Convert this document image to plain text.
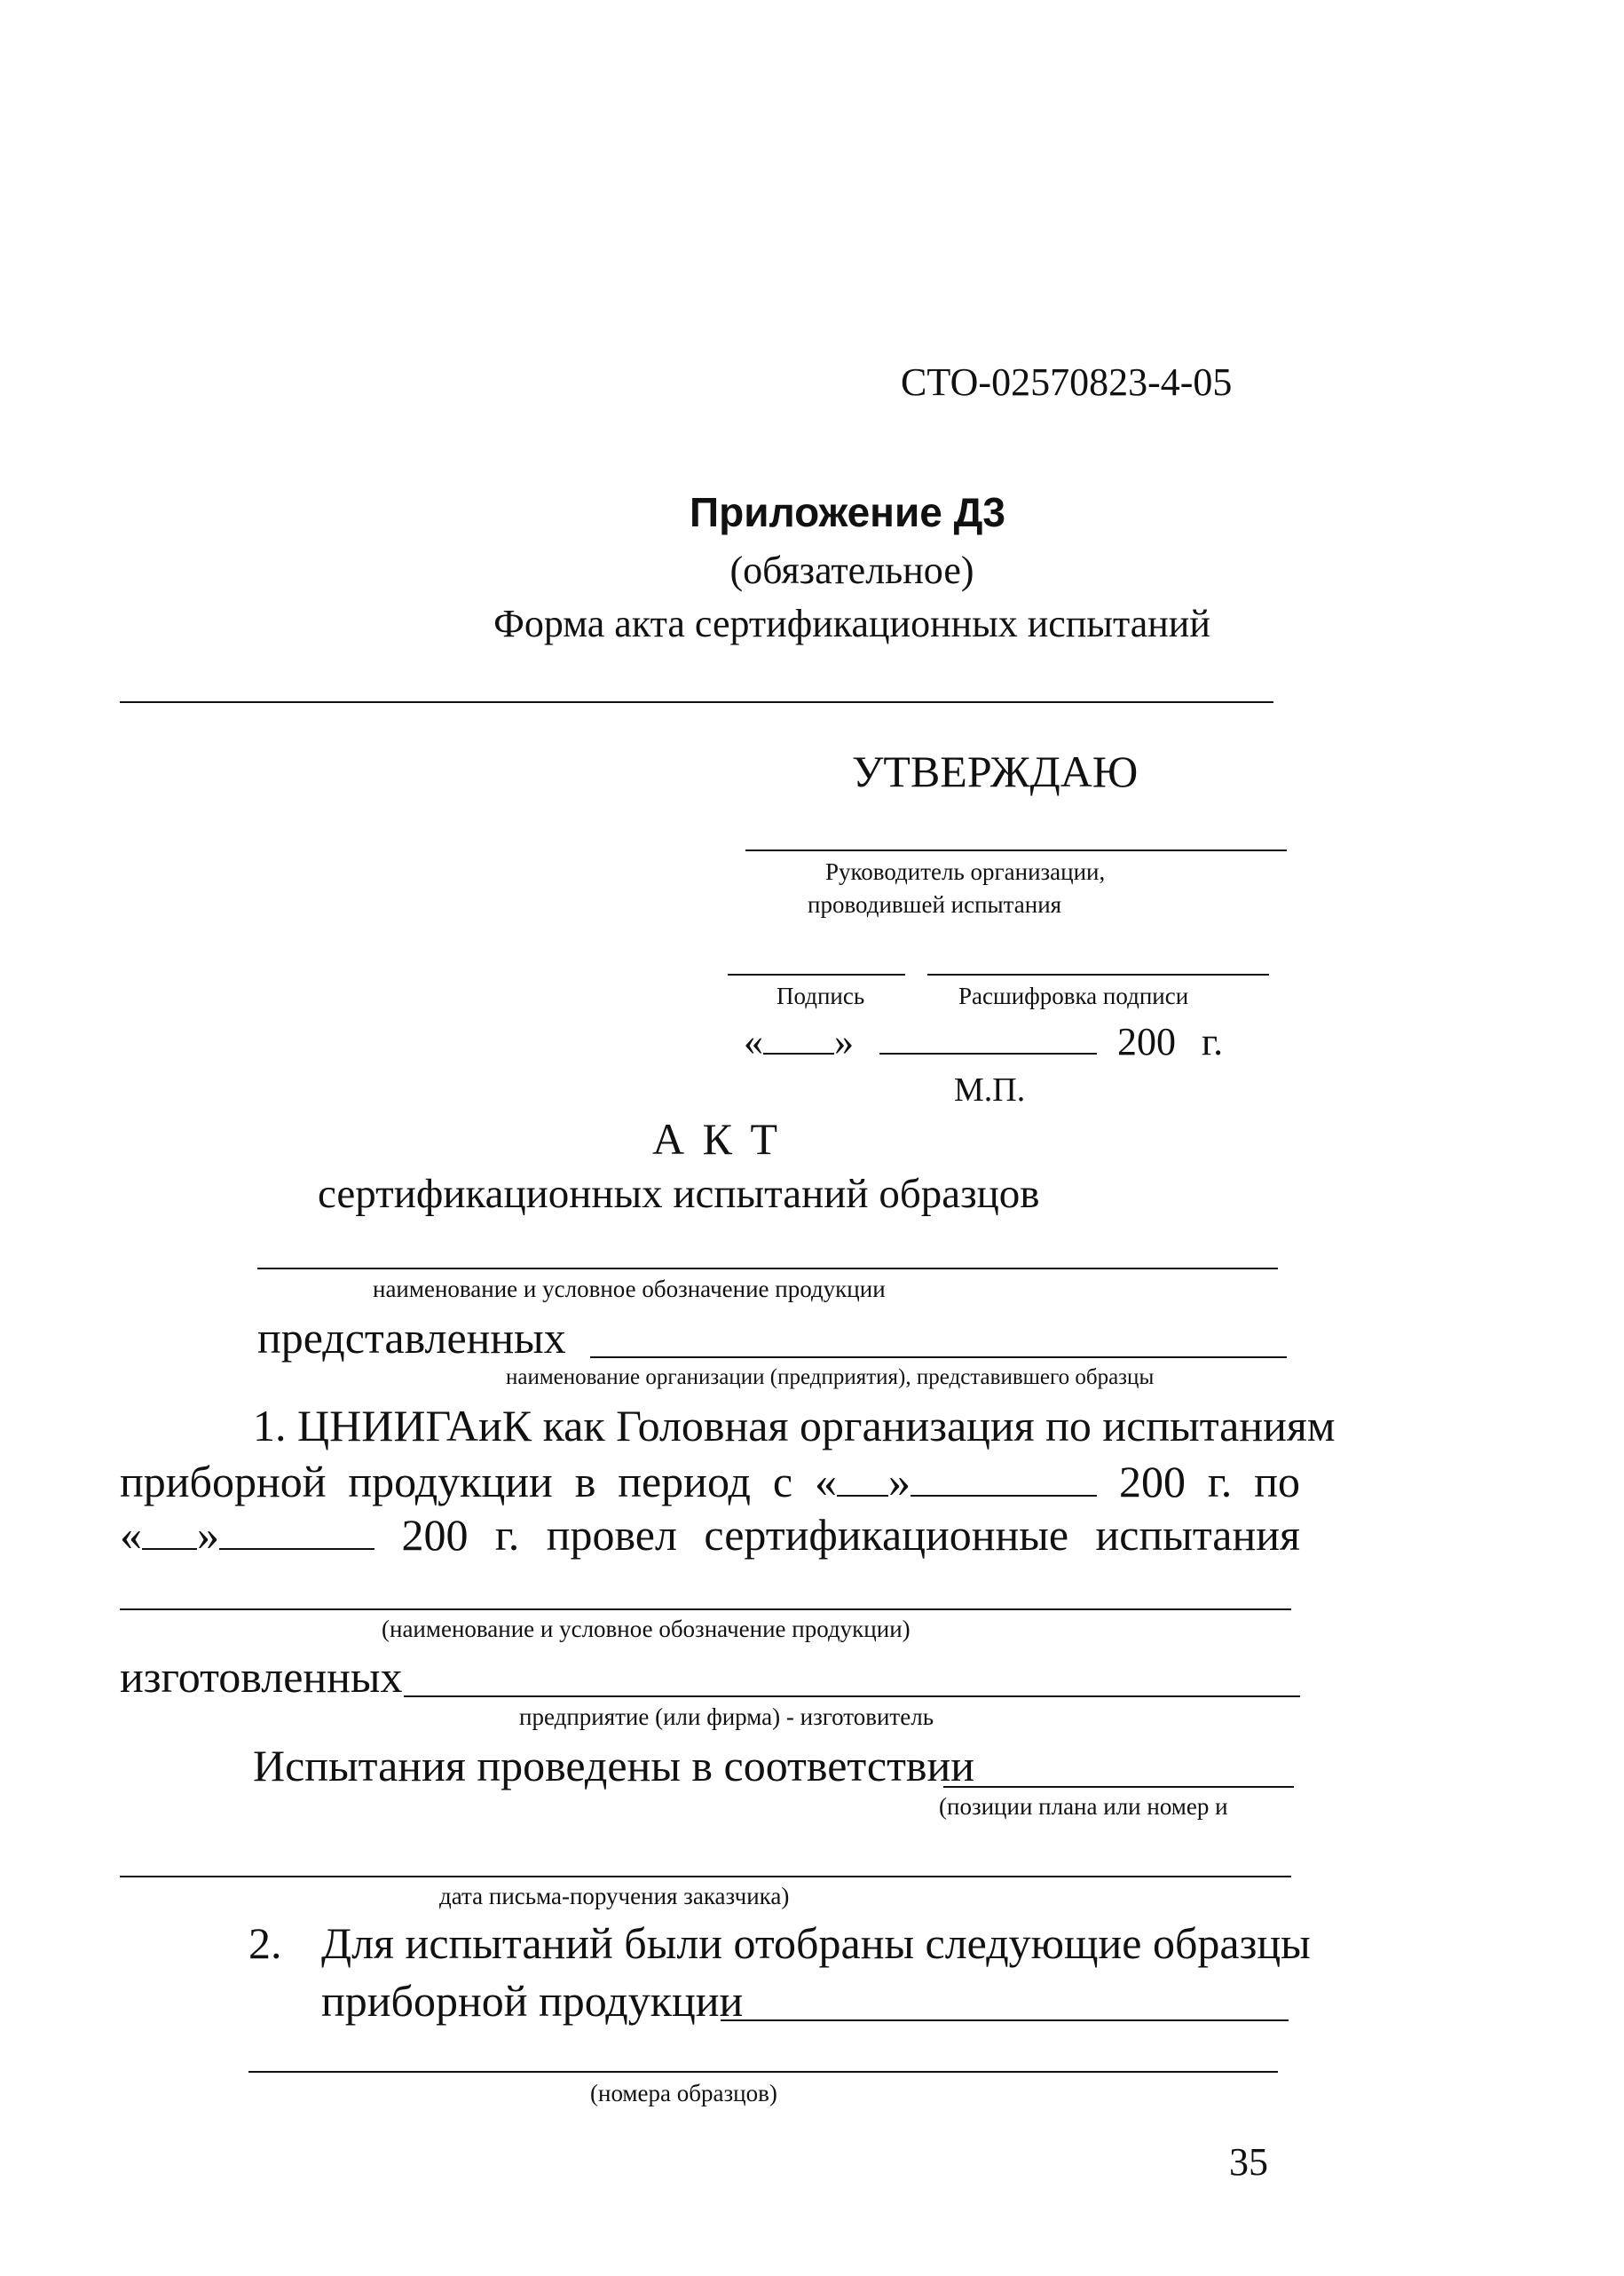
СТО-02570823-4-05
Приложение Д3
(обязательное)
Форма акта сертификационных испытаний
УТВЕРЖДАЮ
Руководитель организации,
проводившей испытания
Подпись	Расшифровка подписи
« »	200 г.
М.П.
А К Т
сертификационных испытаний образцов
наименование и условное обозначение продукции
представленных
наименование организации (предприятия), представившего образцы
1. ЦНИИГАиК как Головная организация по испытаниям
приборной продукции в период с « »	200 г. по
« »	200 г. провел сертификационные испытания
(наименование и условное обозначение продукции)
изготовленных
предприятие (или фирма) - изготовитель
Испытания проведены в соответствии
(позиции плана или номер и
дата письма-поручения заказчика)
2. Для испытаний были отобраны следующие образцы
приборной продукции
(номера образцов)
35
